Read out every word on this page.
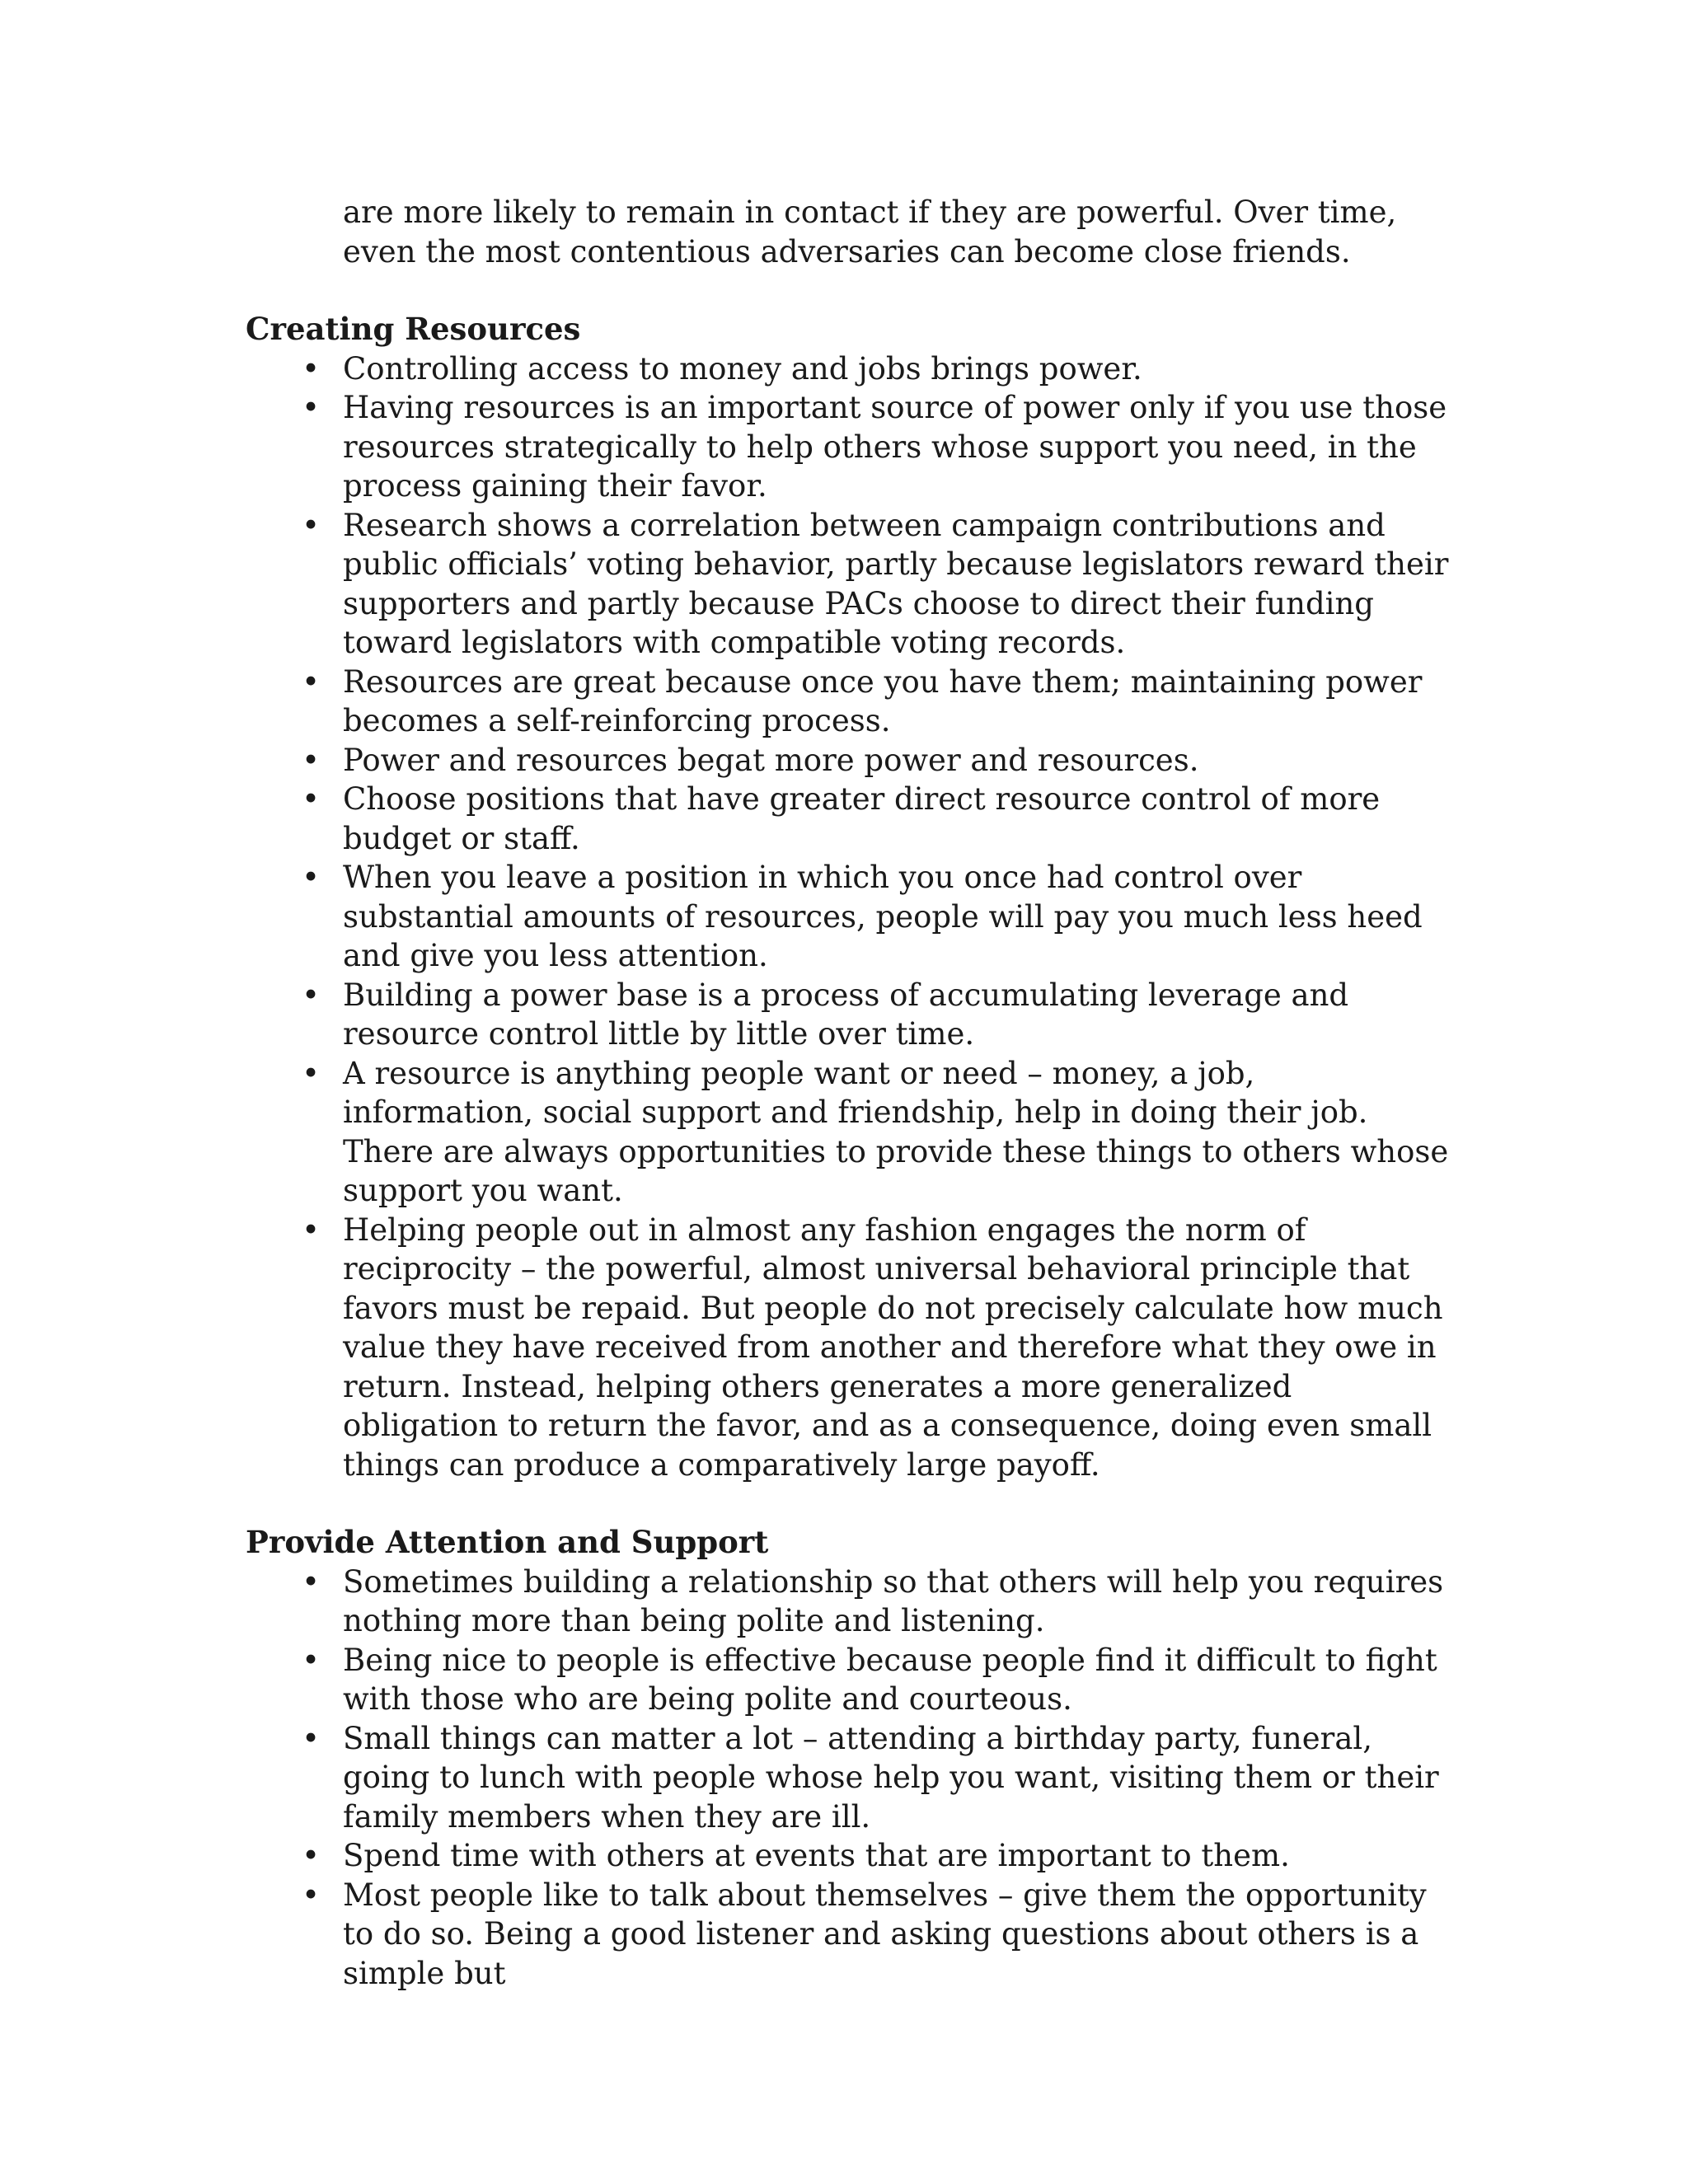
are more likely to remain in contact if they are powerful. Over time, even the most contentious adversaries can become close friends.

Creating Resources
• Controlling access to money and jobs brings power.
• Having resources is an important source of power only if you use those resources strategically to help others whose support you need, in the process gaining their favor.
• Research shows a correlation between campaign contributions and public officials’ voting behavior, partly because legislators reward their supporters and partly because PACs choose to direct their funding toward legislators with compatible voting records.
• Resources are great because once you have them; maintaining power becomes a self-reinforcing process.
• Power and resources begat more power and resources.
• Choose positions that have greater direct resource control of more budget or staff.
• When you leave a position in which you once had control over substantial amounts of resources, people will pay you much less heed and give you less attention.
• Building a power base is a process of accumulating leverage and resource control little by little over time.
• A resource is anything people want or need – money, a job, information, social support and friendship, help in doing their job. There are always opportunities to provide these things to others whose support you want.
• Helping people out in almost any fashion engages the norm of reciprocity – the powerful, almost universal behavioral principle that favors must be repaid. But people do not precisely calculate how much value they have received from another and therefore what they owe in return. Instead, helping others generates a more generalized obligation to return the favor, and as a consequence, doing even small things can produce a comparatively large payoff.
Provide Attention and Support
• Sometimes building a relationship so that others will help you requires nothing more than being polite and listening.
• Being nice to people is effective because people find it difficult to fight with those who are being polite and courteous.
• Small things can matter a lot – attending a birthday party, funeral, going to lunch with people whose help you want, visiting them or their family members when they are ill.
• Spend time with others at events that are important to them.
• Most people like to talk about themselves – give them the opportunity to do so. Being a good listener and asking questions about others is a simple but
